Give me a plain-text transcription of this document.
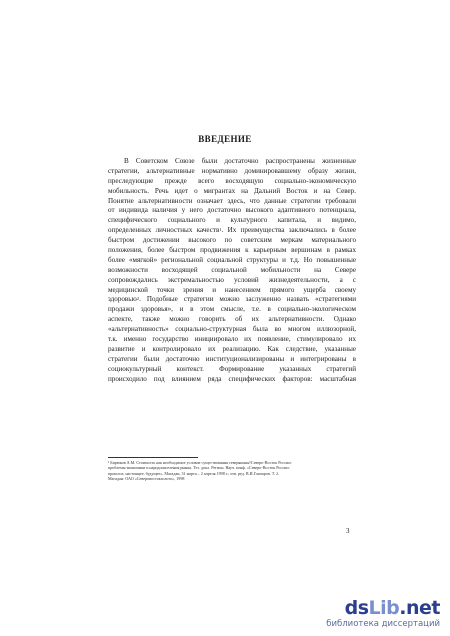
ВВЕДЕНИЕ
В Советском Союзе были достаточно распространены жизненные
стратегии, альтернативные нормативно доминировавшему образу жизни,
преследующие прежде всего восходящую социально-экономическую
мобильность. Речь идет о мигрантах на Дальний Восток и на Север.
Понятие альтернативности означает здесь, что данные стратегии требовали
от индивида наличия у него достаточно высокого адаптивного потенциала,
специфического социального и культурного капитала, и видимо,
определенных личностных качеств$^1$. Их преимущества заключались в более
быстром достижении высокого по советским меркам материального
положения, более быстром продвижения к карьерным вершинам в рамках
более «мягкой» региональной социальной структуры и т.д. Но повышенные
возможности восходящей социальной мобильности на Севере
сопровождались экстремальностью условий жизнедеятельности, а с
медицинской точки зрения и нанесением прямого ущерба своему
здоровью$^2$. Подобные стратегии можно заслуженно назвать «стратегиями
продажи здоровья», и в этом смысле, т.е. в социально-экологическом
аспекте, также можно говорить об их альтернативности. Однако
«альтернативность» социально-структурная была во многом иллюзорной,
т.к. именно государство инициировало их появление, стимулировало их
развитие и контролировало их реализацию. Как следствие, указанные
стратегии были достаточно институционализированы и интегрированы в
социокультурный контекст. Формирование указанных стратегий
происходило под влиянием ряда специфических факторов: масштабная
¹ Бирюков А.М. Стоимость как необходимое условие существования северянина//Северо-Восток России:
проблемы экономики и народонаселения рынка. Тез. докл. Регион. Науч. конф. «Северо-Восток России:
прошлое, настоящее, будущее». Магадан, 31 марта – 2 апреля 1998 г.; отв. ред. В.И.Гончаров. Т. 2.
Магадан: ОАО «Северовостокзолото», 1998
3
dsLib.net
библиотека диссертаций
